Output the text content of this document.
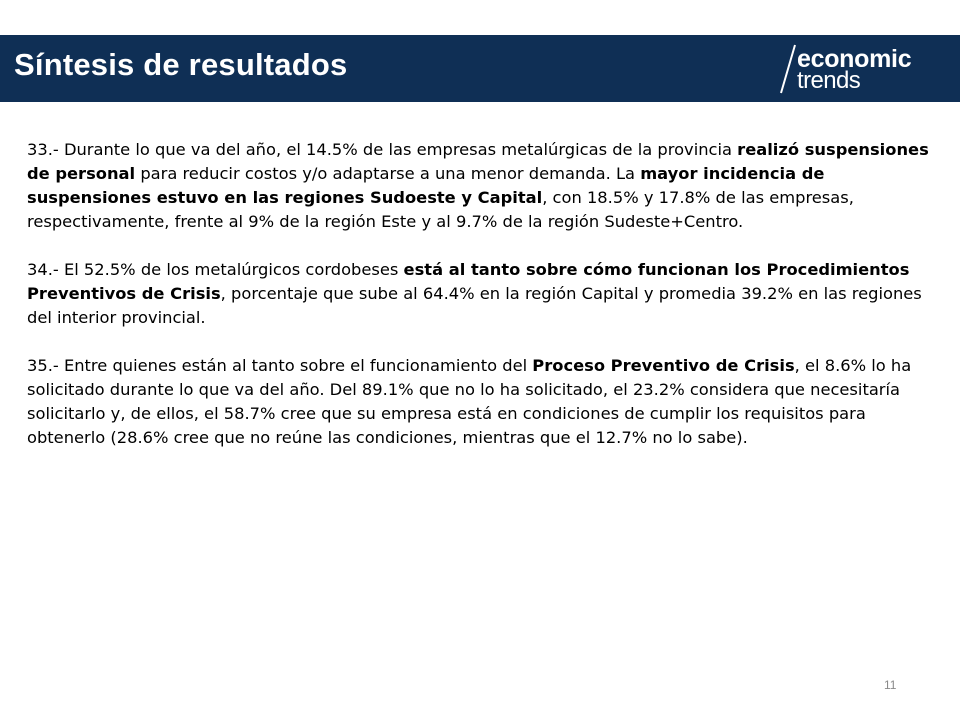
Síntesis de resultados	economic
trends

33.- Durante lo que va del año, el 14.5% de las empresas metalúrgicas de la provincia realizó suspensiones de personal para reducir costos y/o adaptarse a una menor demanda. La mayor incidencia de suspensiones estuvo en las regiones Sudoeste y Capital, con 18.5% y 17.8% de las empresas, respectivamente, frente al 9% de la región Este y al 9.7% de la región Sudeste+Centro.

34.- El 52.5% de los metalúrgicos cordobeses está al tanto sobre cómo funcionan los Procedimientos Preventivos de Crisis, porcentaje que sube al 64.4% en la región Capital y promedia 39.2% en las regiones del interior provincial.

35.- Entre quienes están al tanto sobre el funcionamiento del Proceso Preventivo de Crisis, el 8.6% lo ha solicitado durante lo que va del año. Del 89.1% que no lo ha solicitado, el 23.2% considera que necesitaría solicitarlo y, de ellos, el 58.7% cree que su empresa está en condiciones de cumplir los requisitos para obtenerlo (28.6% cree que no reúne las condiciones, mientras que el 12.7% no lo sabe).

11
